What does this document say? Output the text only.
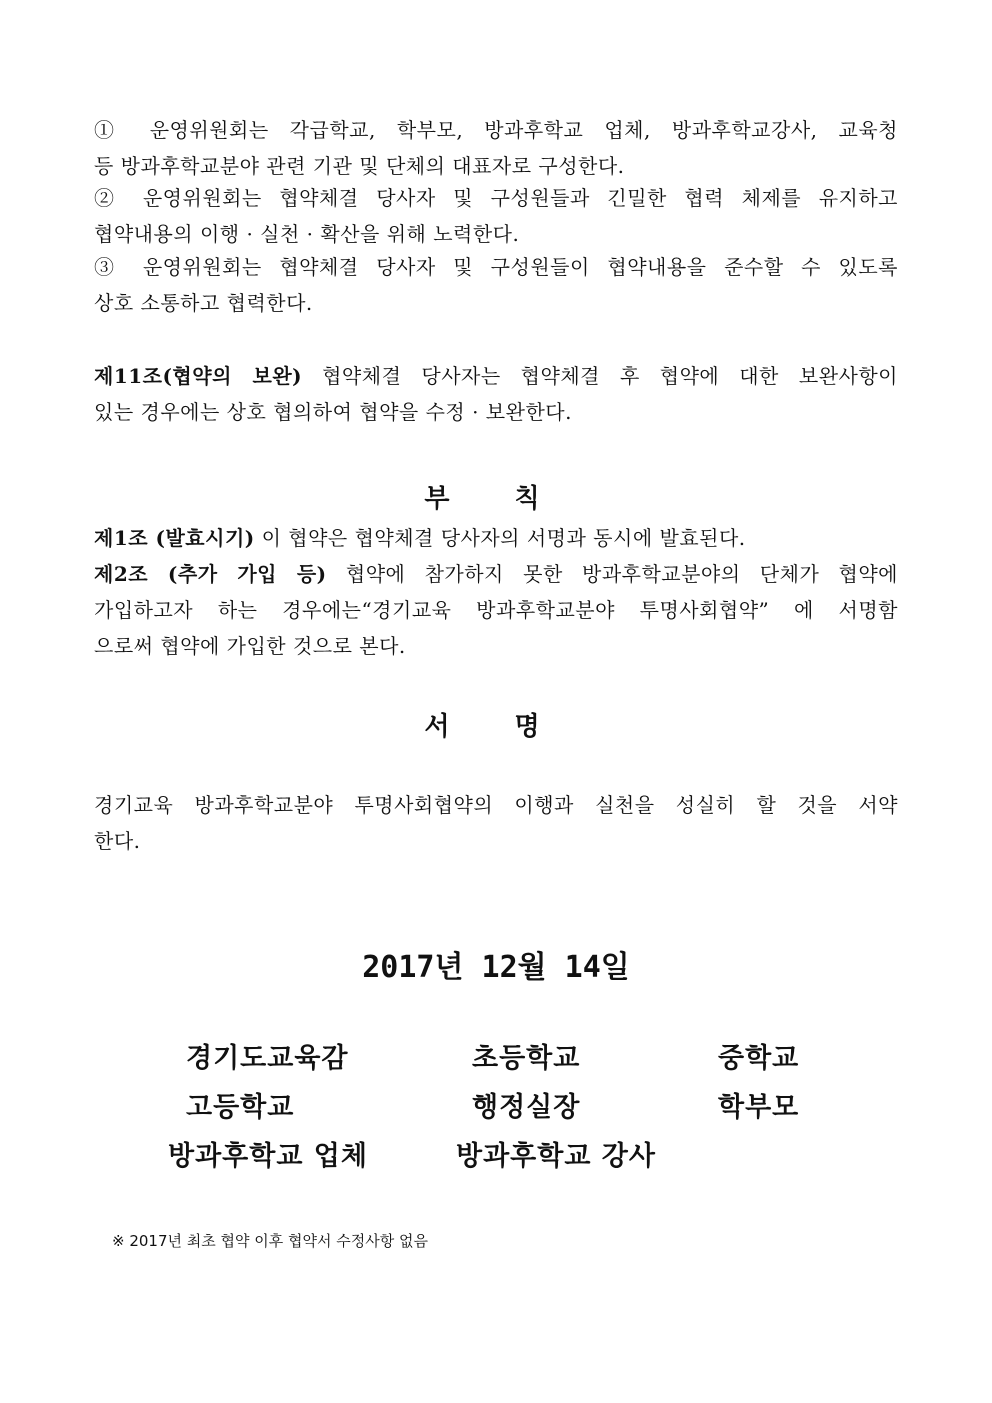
① 운영위원회는 각급학교, 학부모, 방과후학교 업체, 방과후학교강사, 교육청
등 방과후학교분야 관련 기관 및 단체의 대표자로 구성한다.
② 운영위원회는 협약체결 당사자 및 구성원들과 긴밀한 협력 체제를 유지하고
협약내용의 이행 · 실천 · 확산을 위해 노력한다.
③ 운영위원회는 협약체결 당사자 및 구성원들이 협약내용을 준수할 수 있도록
상호 소통하고 협력한다.
제11조(협약의 보완) 협약체결 당사자는 협약체결 후 협약에 대한 보완사항이
있는 경우에는 상호 협의하여 협약을 수정 · 보완한다.
부 칙
제1조 (발효시기) 이 협약은 협약체결 당사자의 서명과 동시에 발효된다.
제2조 (추가 가입 등) 협약에 참가하지 못한 방과후학교분야의 단체가 협약에
가입하고자 하는 경우에는“경기교육 방과후학교분야 투명사회협약” 에 서명함
으로써 협약에 가입한 것으로 본다.
서 명
경기교육 방과후학교분야 투명사회협약의 이행과 실천을 성실히 할 것을 서약
한다.
2017년 12월 14일
경기도교육감	초등학교	중학교
고등학교	행정실장	학부모
방과후학교 업체	방과후학교 강사
※ 2017년 최초 협약 이후 협약서 수정사항 없음
